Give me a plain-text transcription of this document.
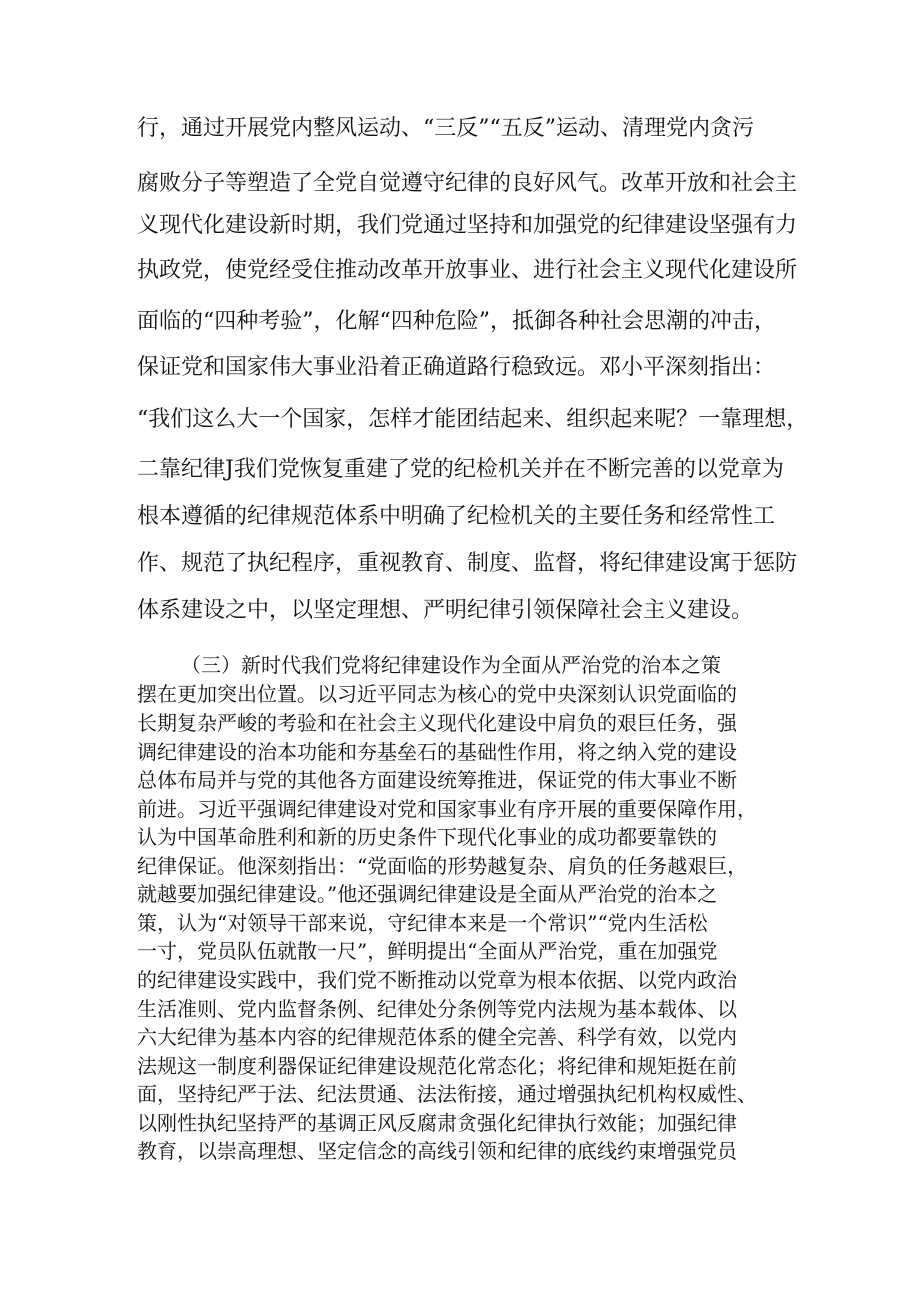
行，通过开展党内整风运动、“三反”“五反”运动、清理党内贪污
腐败分子等塑造了全党自觉遵守纪律的良好风气。改革开放和社会主
义现代化建设新时期，我们党通过坚持和加强党的纪律建设坚强有力
执政党，使党经受住推动改革开放事业、进行社会主义现代化建设所
面临的“四种考验”，化解“四种危险”，抵御各种社会思潮的冲击，
保证党和国家伟大事业沿着正确道路行稳致远。邓小平深刻指出：
“我们这么大一个国家，怎样才能团结起来、组织起来呢？一靠理想，
二靠纪律J我们党恢复重建了党的纪检机关并在不断完善的以党章为
根本遵循的纪律规范体系中明确了纪检机关的主要任务和经常性工
作、规范了执纪程序，重视教育、制度、监督，将纪律建设寓于惩防
体系建设之中，以坚定理想、严明纪律引领保障社会主义建设。
（三）新时代我们党将纪律建设作为全面从严治党的治本之策
摆在更加突出位置。以习近平同志为核心的党中央深刻认识党面临的
长期复杂严峻的考验和在社会主义现代化建设中肩负的艰巨任务，强
调纪律建设的治本功能和夯基垒石的基础性作用，将之纳入党的建设
总体布局并与党的其他各方面建设统筹推进，保证党的伟大事业不断
前进。习近平强调纪律建设对党和国家事业有序开展的重要保障作用，
认为中国革命胜利和新的历史条件下现代化事业的成功都要靠铁的
纪律保证。他深刻指出：“党面临的形势越复杂、肩负的任务越艰巨，
就越要加强纪律建设。”他还强调纪律建设是全面从严治党的治本之
策，认为“对领导干部来说，守纪律本来是一个常识”“党内生活松
一寸，党员队伍就散一尺”，鲜明提出“全面从严治党，重在加强党
的纪律建设实践中，我们党不断推动以党章为根本依据、以党内政治
生活准则、党内监督条例、纪律处分条例等党内法规为基本载体、以
六大纪律为基本内容的纪律规范体系的健全完善、科学有效，以党内
法规这一制度利器保证纪律建设规范化常态化；将纪律和规矩挺在前
面，坚持纪严于法、纪法贯通、法法衔接，通过增强执纪机构权威性、
以刚性执纪坚持严的基调正风反腐肃贪强化纪律执行效能；加强纪律
教育，以崇高理想、坚定信念的高线引领和纪律的底线约束增强党员
